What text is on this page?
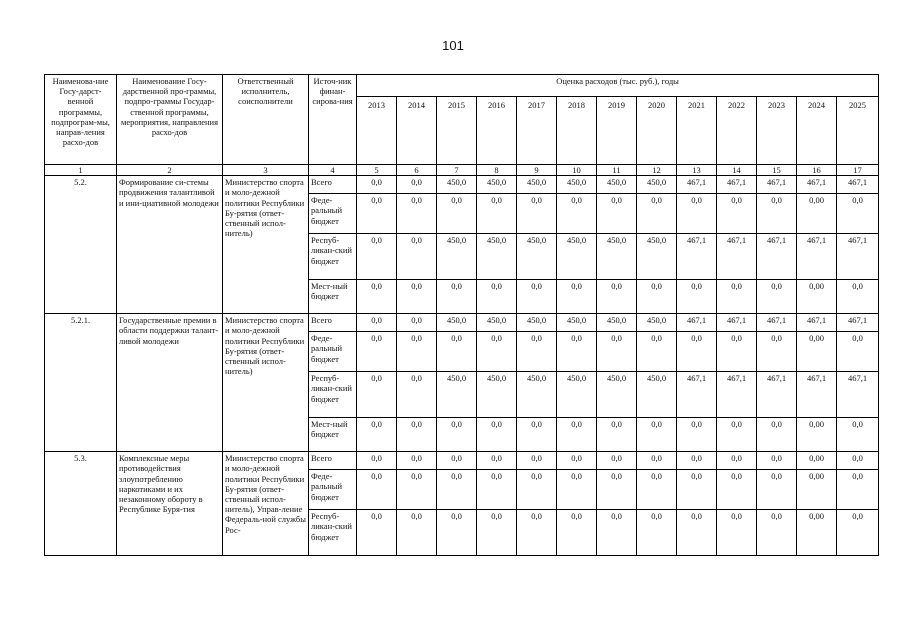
101
Наименова-ние Госу-дарст-венной программы, подпрограм-мы, направ-ления расхо-дов	Наименование Госу-дарственной про-граммы, подпро-граммы Государ-ственной программы, мероприятия, направления расхо-дов	Ответственный исполнитель, соисполнители	Источ-ник финан-сирова-ния	Оценка расходов (тыс. руб.), годы												
				2013	2014	2015	2016	2017	2018	2019	2020	2021	2022	2023	2024	2025
1	2	3	4	5	6	7	8	9	10	11	12	13	14	15	16	17
5.2.	Формирование си-стемы продвижения талантливой и ини-циативной молодежи	Министерство спорта и моло-дежной политики Республики Бу-рятия (ответ-ственный испол-нитель)	Всего	0,0	0,0	450,0	450,0	450,0	450,0	450,0	450,0	467,1	467,1	467,1	467,1	467,1
			Феде-ральный бюджет	0,0	0,0	0,0	0,0	0,0	0,0	0,0	0,0	0,0	0,0	0,0	0,00	0,0
			Респуб-ликан-ский бюджет	0,0	0,0	450,0	450,0	450,0	450,0	450,0	450,0	467,1	467,1	467,1	467,1	467,1
			Мест-ный бюджет	0,0	0,0	0,0	0,0	0,0	0,0	0,0	0,0	0,0	0,0	0,0	0,00	0,0
5.2.1.	Государственные премии в области поддержки талант-ливой молодежи	Министерство спорта и моло-дежной политики Республики Бу-рятия (ответ-ственный испол-нитель)	Всего	0,0	0,0	450,0	450,0	450,0	450,0	450,0	450,0	467,1	467,1	467,1	467,1	467,1
			Феде-ральный бюджет	0,0	0,0	0,0	0,0	0,0	0,0	0,0	0,0	0,0	0,0	0,0	0,00	0,0
			Респуб-ликан-ский бюджет	0,0	0,0	450,0	450,0	450,0	450,0	450,0	450,0	467,1	467,1	467,1	467,1	467,1
			Мест-ный бюджет	0,0	0,0	0,0	0,0	0,0	0,0	0,0	0,0	0,0	0,0	0,0	0,00	0,0
5.3.	Комплексные меры противодействия злоупотреблению наркотиками и их незаконному обороту в Республике Буря-тия	Министерство спорта и моло-дежной политики Республики Бу-рятия (ответ-ственный испол-нитель), Управ-ление Федераль-ной службы Рос-	Всего	0,0	0,0	0,0	0,0	0,0	0,0	0,0	0,0	0,0	0,0	0,0	0,00	0,0
			Феде-ральный бюджет	0,0	0,0	0,0	0,0	0,0	0,0	0,0	0,0	0,0	0,0	0,0	0,00	0,0
			Респуб-ликан-ский бюджет	0,0	0,0	0,0	0,0	0,0	0,0	0,0	0,0	0,0	0,0	0,0	0,00	0,0
